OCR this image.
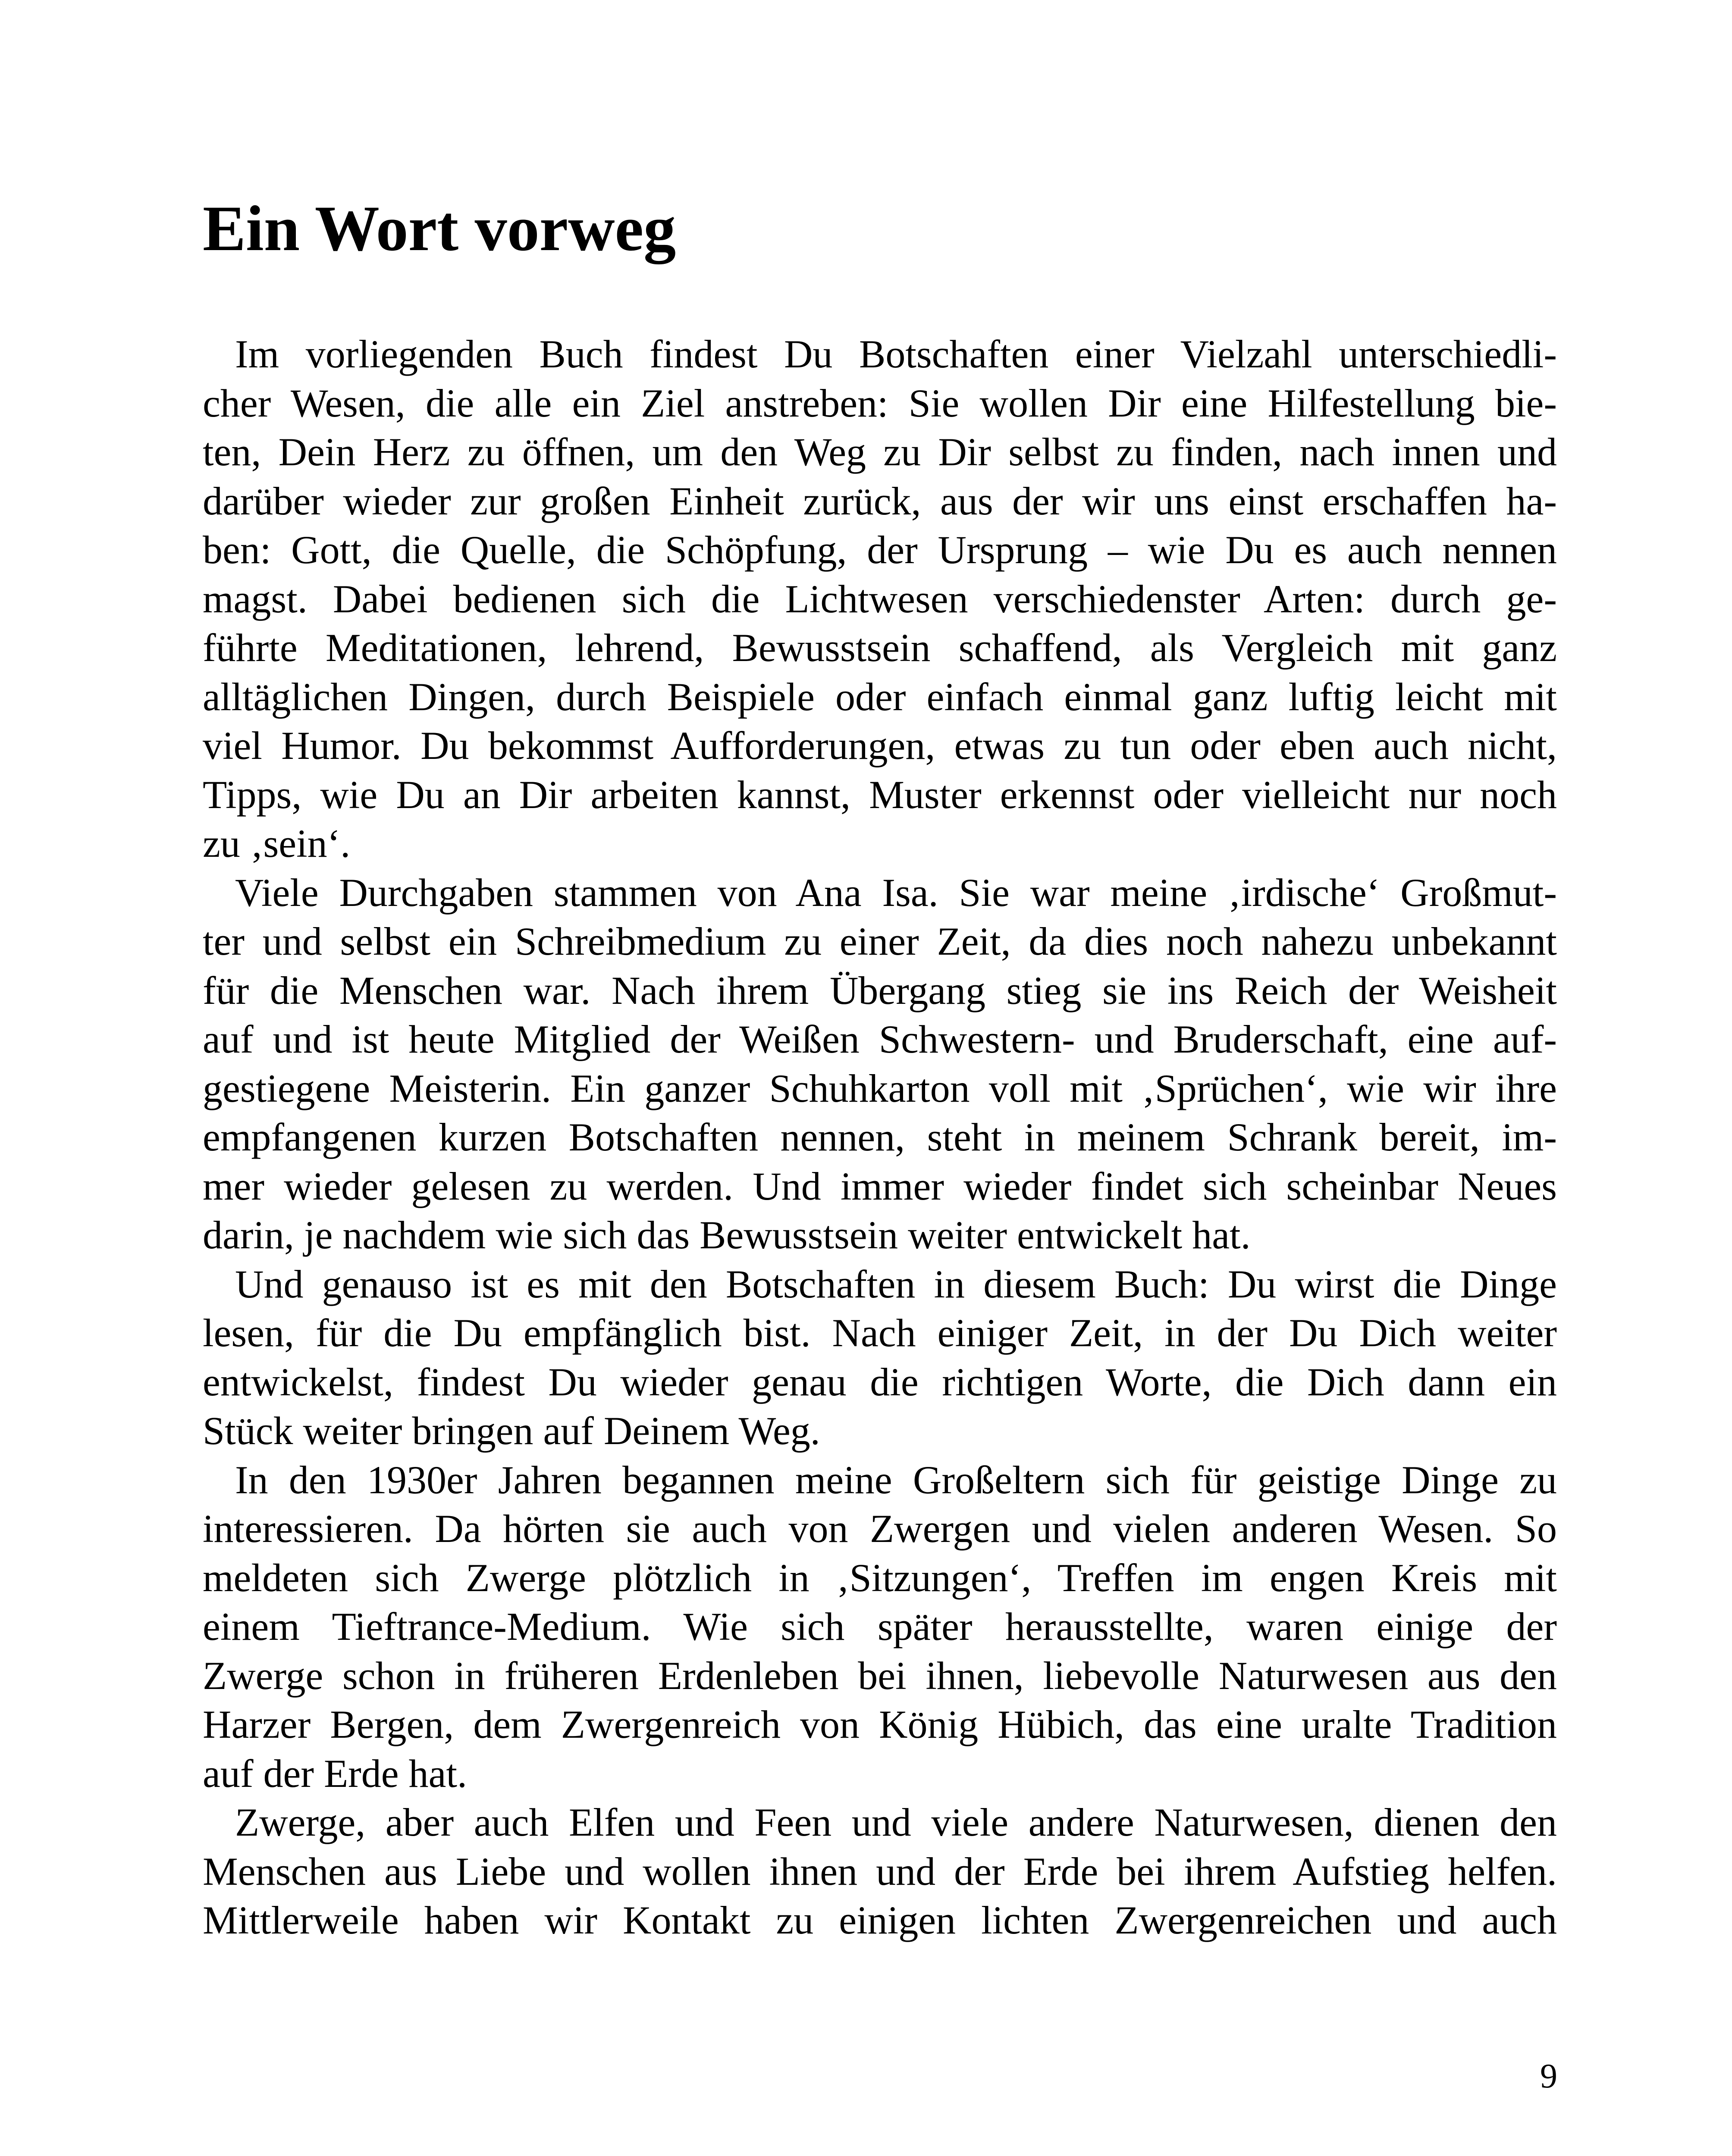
Ein Wort vorweg

Im vorliegenden Buch findest Du Botschaften einer Vielzahl unterschiedli-
cher Wesen, die alle ein Ziel anstreben: Sie wollen Dir eine Hilfestellung bie-
ten, Dein Herz zu öffnen, um den Weg zu Dir selbst zu finden, nach innen und
darüber wieder zur großen Einheit zurück, aus der wir uns einst erschaffen ha-
ben: Gott, die Quelle, die Schöpfung, der Ursprung – wie Du es auch nennen
magst. Dabei bedienen sich die Lichtwesen verschiedenster Arten: durch ge-
führte Meditationen, lehrend, Bewusstsein schaffend, als Vergleich mit ganz
alltäglichen Dingen, durch Beispiele oder einfach einmal ganz luftig leicht mit
viel Humor. Du bekommst Aufforderungen, etwas zu tun oder eben auch nicht,
Tipps, wie Du an Dir arbeiten kannst, Muster erkennst oder vielleicht nur noch
zu ‚sein‘.

Viele Durchgaben stammen von Ana Isa. Sie war meine ‚irdische‘ Großmut-
ter und selbst ein Schreibmedium zu einer Zeit, da dies noch nahezu unbekannt
für die Menschen war. Nach ihrem Übergang stieg sie ins Reich der Weisheit
auf und ist heute Mitglied der Weißen Schwestern- und Bruderschaft, eine auf-
gestiegene Meisterin. Ein ganzer Schuhkarton voll mit ‚Sprüchen‘, wie wir ihre
empfangenen kurzen Botschaften nennen, steht in meinem Schrank bereit, im-
mer wieder gelesen zu werden. Und immer wieder findet sich scheinbar Neues
darin, je nachdem wie sich das Bewusstsein weiter entwickelt hat.

Und genauso ist es mit den Botschaften in diesem Buch: Du wirst die Dinge
lesen, für die Du empfänglich bist. Nach einiger Zeit, in der Du Dich weiter
entwickelst, findest Du wieder genau die richtigen Worte, die Dich dann ein
Stück weiter bringen auf Deinem Weg.

In den 1930er Jahren begannen meine Großeltern sich für geistige Dinge zu
interessieren. Da hörten sie auch von Zwergen und vielen anderen Wesen. So
meldeten sich Zwerge plötzlich in ‚Sitzungen‘, Treffen im engen Kreis mit
einem Tieftrance-Medium. Wie sich später herausstellte, waren einige der
Zwerge schon in früheren Erdenleben bei ihnen, liebevolle Naturwesen aus den
Harzer Bergen, dem Zwergenreich von König Hübich, das eine uralte Tradition
auf der Erde hat.

Zwerge, aber auch Elfen und Feen und viele andere Naturwesen, dienen den
Menschen aus Liebe und wollen ihnen und der Erde bei ihrem Aufstieg helfen.
Mittlerweile haben wir Kontakt zu einigen lichten Zwergenreichen und auch

9
